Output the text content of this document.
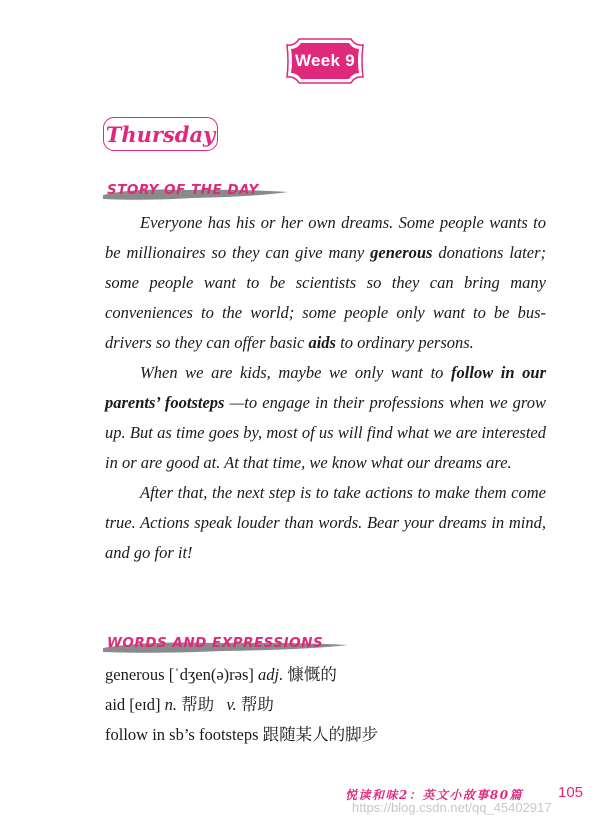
Week 9
Thursday
STORY OF THE DAY

Everyone has his or her own dreams. Some people wants to be millionaires so they can give many generous donations later; some people want to be scientists so they can bring many conveniences to the world; some people only want to be bus-drivers so they can offer basic aids to ordinary persons.

When we are kids, maybe we only want to follow in our parents’ footsteps —to engage in their professions when we grow up. But as time goes by, most of us will find what we are interested in or are good at. At that time, we know what our dreams are.

After that, the next step is to take actions to make them come true. Actions speak louder than words. Bear your dreams in mind, and go for it!

WORDS AND EXPRESSIONS
generous [ˈdʒen(ə)rəs] adj. 慷慨的
aid [eɪd] n. 帮助 v. 帮助
follow in sb’s footsteps 跟随某人的脚步
悦读和味2：英文小故事80篇 105
https://blog.csdn.net/qq_45402917
